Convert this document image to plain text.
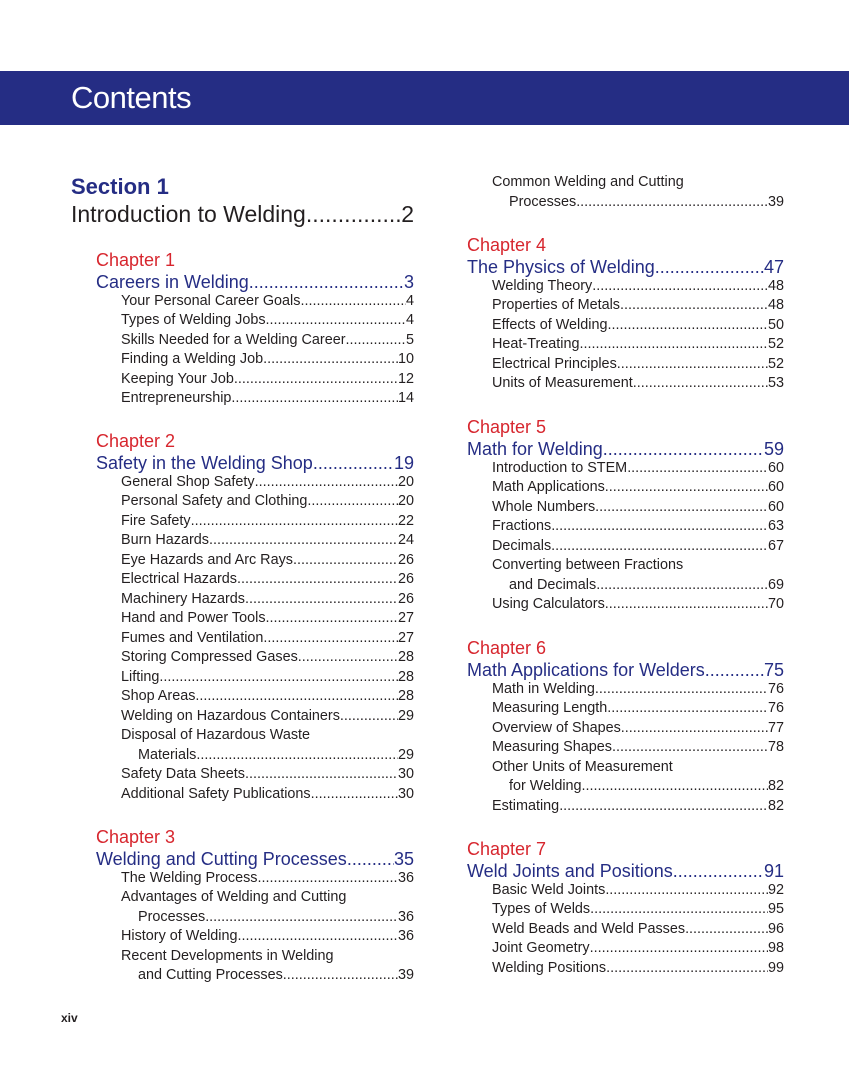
Contents
Section 1
Introduction to Welding .....	2
Chapter 1
Careers in Welding .....	3
Your Personal Career Goals .....	4
Types of Welding Jobs .....	4
Skills Needed for a Welding Career .....	5
Finding a Welding Job .....	10
Keeping Your Job .....	12
Entrepreneurship .....	14
Chapter 2
Safety in the Welding Shop .....	19
General Shop Safety .....	20
Personal Safety and Clothing .....	20
Fire Safety .....	22
Burn Hazards .....	24
Eye Hazards and Arc Rays .....	26
Electrical Hazards .....	26
Machinery Hazards .....	26
Hand and Power Tools .....	27
Fumes and Ventilation .....	27
Storing Compressed Gases .....	28
Lifting .....	28
Shop Areas .....	28
Welding on Hazardous Containers .....	29
Disposal of Hazardous Waste
Materials .....	29
Safety Data Sheets .....	30
Additional Safety Publications .....	30
Chapter 3
Welding and Cutting Processes .....	35
The Welding Process .....	36
Advantages of Welding and Cutting
Processes .....	36
History of Welding .....	36
Recent Developments in Welding
and Cutting Processes .....	39
Common Welding and Cutting
Processes .....	39
Chapter 4
The Physics of Welding .....	47
Welding Theory .....	48
Properties of Metals .....	48
Effects of Welding .....	50
Heat-Treating .....	52
Electrical Principles .....	52
Units of Measurement .....	53
Chapter 5
Math for Welding .....	59
Introduction to STEM .....	60
Math Applications .....	60
Whole Numbers .....	60
Fractions .....	63
Decimals .....	67
Converting between Fractions
and Decimals .....	69
Using Calculators .....	70
Chapter 6
Math Applications for Welders .....	75
Math in Welding .....	76
Measuring Length .....	76
Overview of Shapes .....	77
Measuring Shapes .....	78
Other Units of Measurement
for Welding .....	82
Estimating .....	82
Chapter 7
Weld Joints and Positions .....	91
Basic Weld Joints .....	92
Types of Welds .....	95
Weld Beads and Weld Passes .....	96
Joint Geometry .....	98
Welding Positions .....	99
xiv
